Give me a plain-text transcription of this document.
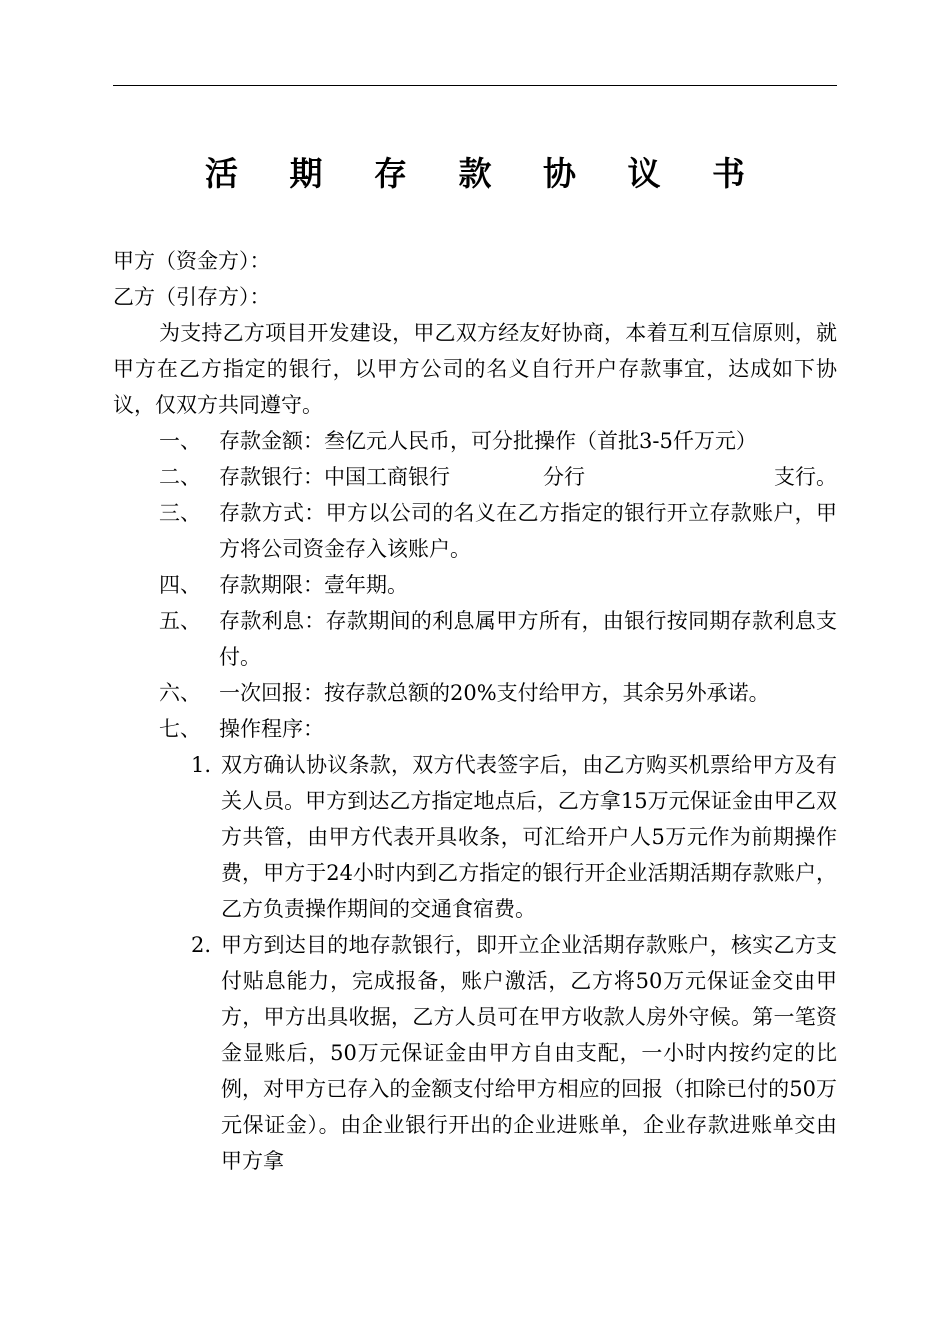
活 期 存 款 协 议 书
甲方（资金方）：
乙方（引存方）：
为支持乙方项目开发建设，甲乙双方经友好协商，本着互利互信原则，就甲方在乙方指定的银行，以甲方公司的名义自行开户存款事宜，达成如下协议，仅双方共同遵守。
一、 存款金额：叁亿元人民币，可分批操作（首批3-5仟万元）
二、 存款银行：中国工商银行	分行	支行。
三、 存款方式：甲方以公司的名义在乙方指定的银行开立存款账户，甲方将公司资金存入该账户。
四、 存款期限：壹年期。
五、 存款利息：存款期间的利息属甲方所有，由银行按同期存款利息支付。
六、 一次回报：按存款总额的20%支付给甲方，其余另外承诺。
七、 操作程序：
1. 双方确认协议条款，双方代表签字后，由乙方购买机票给甲方及有关人员。甲方到达乙方指定地点后，乙方拿15万元保证金由甲乙双方共管，由甲方代表开具收条，可汇给开户人5万元作为前期操作费，甲方于24小时内到乙方指定的银行开企业活期活期存款账户，乙方负责操作期间的交通食宿费。
2. 甲方到达目的地存款银行，即开立企业活期存款账户，核实乙方支付贴息能力，完成报备，账户激活，乙方将50万元保证金交由甲方，甲方出具收据，乙方人员可在甲方收款人房外守候。第一笔资金显账后，50万元保证金由甲方自由支配，一小时内按约定的比例，对甲方已存入的金额支付给甲方相应的回报（扣除已付的50万元保证金）。由企业银行开出的企业进账单，企业存款进账单交由甲方拿
